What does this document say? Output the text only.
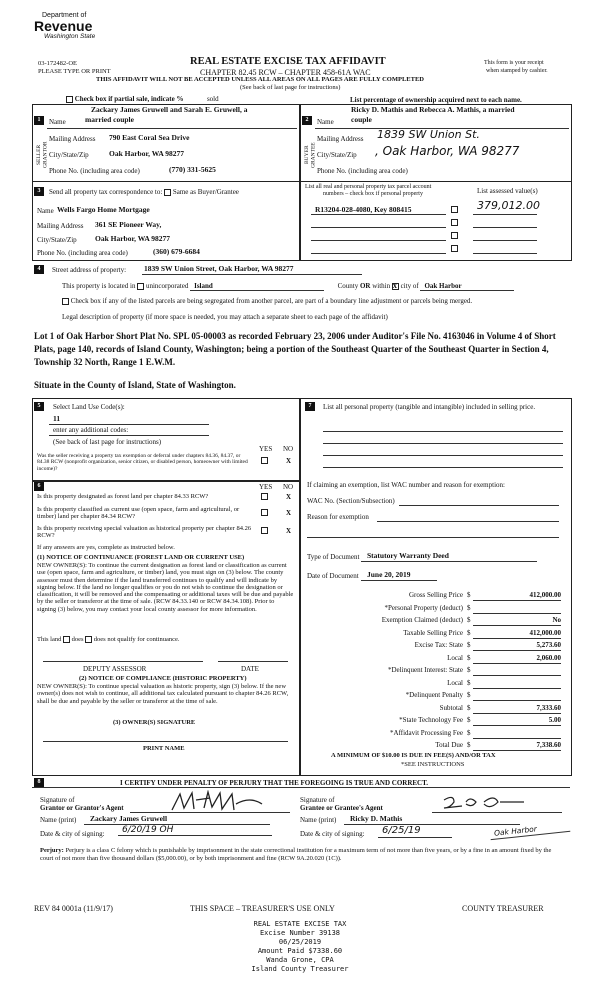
Department of
Revenue
Washington State
03-172482-OE
PLEASE TYPE OR PRINT
REAL ESTATE EXCISE TAX AFFIDAVIT
CHAPTER 82.45 RCW – CHAPTER 458-61A WAC
THIS AFFIDAVIT WILL NOT BE ACCEPTED UNLESS ALL AREAS ON ALL PAGES ARE FULLY COMPLETED
(See back of last page for instructions)
This form is your receipt
when stamped by cashier.
Check box if partial sale, indicate %	sold	List percentage of ownership acquired next to each name.
1
SELLER GRANTOR
Name
Zackary James Gruwell and Sarah E. Gruwell, a
married couple
Mailing Address 790 East Coral Sea Drive
City/State/Zip	Oak Harbor, WA 98277
Phone No. (including area code)	(770) 331-5625
2
BUYER GRANTEE
Name
Ricky D. Mathis and Rebecca A. Mathis, a married
couple
Mailing Address 1839 SW Union St.
City/State/Zip , Oak Harbor, WA 98277
Phone No. (including area code)
3	Send all property tax correspondence to: Same as Buyer/Grantee
Name Wells Fargo Home Mortgage
Mailing Address 361 SE Pioneer Way,
City/State/Zip Oak Harbor, WA 98277
Phone No. (including area code)	(360) 679-6684
List all real and personal property tax parcel account
numbers – check box if personal property	List assessed value(s)
R13204-028-4080, Key 808415	379,012.00
4	Street address of property: 1839 SW Union Street, Oak Harbor, WA 98277
This property is located in unincorporated Island	County OR within x city of Oak Harbor
Check box if any of the listed parcels are being segregated from another parcel, are part of a boundary line adjustment or parcels being merged.
Legal description of property (if more space is needed, you may attach a separate sheet to each page of the affidavit)
Lot 1 of Oak Harbor Short Plat No. SPL 05-00003 as recorded February 23, 2006 under Auditor's File No. 4163046 in Volume 4 of Short Plats, page 140, records of Island County, Washington; being a portion of the Southeast Quarter of the Southeast Quarter in Section 4, Township 32 North, Range 1 E.W.M.
Situate in the County of Island, State of Washington.
5	Select Land Use Code(s):
11
enter any additional codes:
(See back of last page for instructions)
YES NO
Was the seller receiving a property tax exemption or deferral under chapters 84.36, 84.37, or 84.38 RCW (nonprofit organization, senior citizen, or disabled person, homeowner with limited income)?
X
6	YES NO
Is this property designated as forest land per chapter 84.33 RCW?	X
Is this property classified as current use (open space, farm and agricultural, or timber) land per chapter 84.34 RCW?	X
Is this property receiving special valuation as historical property per chapter 84.26 RCW?
X
If any answers are yes, complete as instructed below.
(1) NOTICE OF CONTINUANCE (FOREST LAND OR CURRENT USE)
NEW OWNER(S): To continue the current designation as forest land or classification as current use (open space, farm and agriculture, or timber) land, you must sign on (3) below. The county assessor must then determine if the land transferred continues to qualify and will indicate by signing below. If the land no longer qualifies or you do not wish to continue the designation or classification, it will be removed and the compensating or additional taxes will be due and payable by the seller or transferor at the time of sale. (RCW 84.33.140 or RCW 84.34.108). Prior to signing (3) below, you may contact your local county assessor for more information.
This land does does not qualify for continuance.
DEPUTY ASSESSOR	DATE
(2) NOTICE OF COMPLIANCE (HISTORIC PROPERTY)
NEW OWNER(S): To continue special valuation as historic property, sign (3) below. If the new owner(s) does not wish to continue, all additional tax calculated pursuant to chapter 84.26 RCW, shall be due and payable by the seller or transferor at the time of sale.
(3) OWNER(S) SIGNATURE
PRINT NAME
7	List all personal property (tangible and intangible) included in selling price.
If claiming an exemption, list WAC number and reason for exemption:
WAC No. (Section/Subsection)
Reason for exemption
Type of Document	Statutory Warranty Deed
Date of Document	June 20, 2019
Gross Selling Price $	412,000.00
*Personal Property (deduct) $
Exemption Claimed (deduct) $	No
Taxable Selling Price $	412,000.00
Excise Tax: State $	5,273.60
Local $	2,060.00
*Delinquent Interest: State $
Local $
*Delinquent Penalty $
Subtotal $	7,333.60
*State Technology Fee $	5.00
*Affidavit Processing Fee $
Total Due $	7,338.60
A MINIMUM OF $10.00 IS DUE IN FEE(S) AND/OR TAX
*SEE INSTRUCTIONS
8	I CERTIFY UNDER PENALTY OF PERJURY THAT THE FOREGOING IS TRUE AND CORRECT.
Signature of
Grantor or Grantor's Agent
Signature of
Grantee or Grantee's Agent
Name (print)	Zackary James Gruwell	Name (print)	Ricky D. Mathis
Date & city of signing:	6/20/19 OH	Date & city of signing:	6/25/19	Oak Harbor
Perjury: Perjury is a class C felony which is punishable by imprisonment in the state correctional institution for a maximum term of not more than five years, or by a fine in an amount fixed by the court of not more than five thousand dollars ($5,000.00), or by both imprisonment and fine (RCW 9A.20.020 (1C)).
REV 84 0001a (11/9/17)	THIS SPACE – TREASURER'S USE ONLY	COUNTY TREASURER
REAL ESTATE EXCISE TAX
Excise Number 39138
06/25/2019
Amount Paid $7338.60
Wanda Grone, CPA
Island County Treasurer
